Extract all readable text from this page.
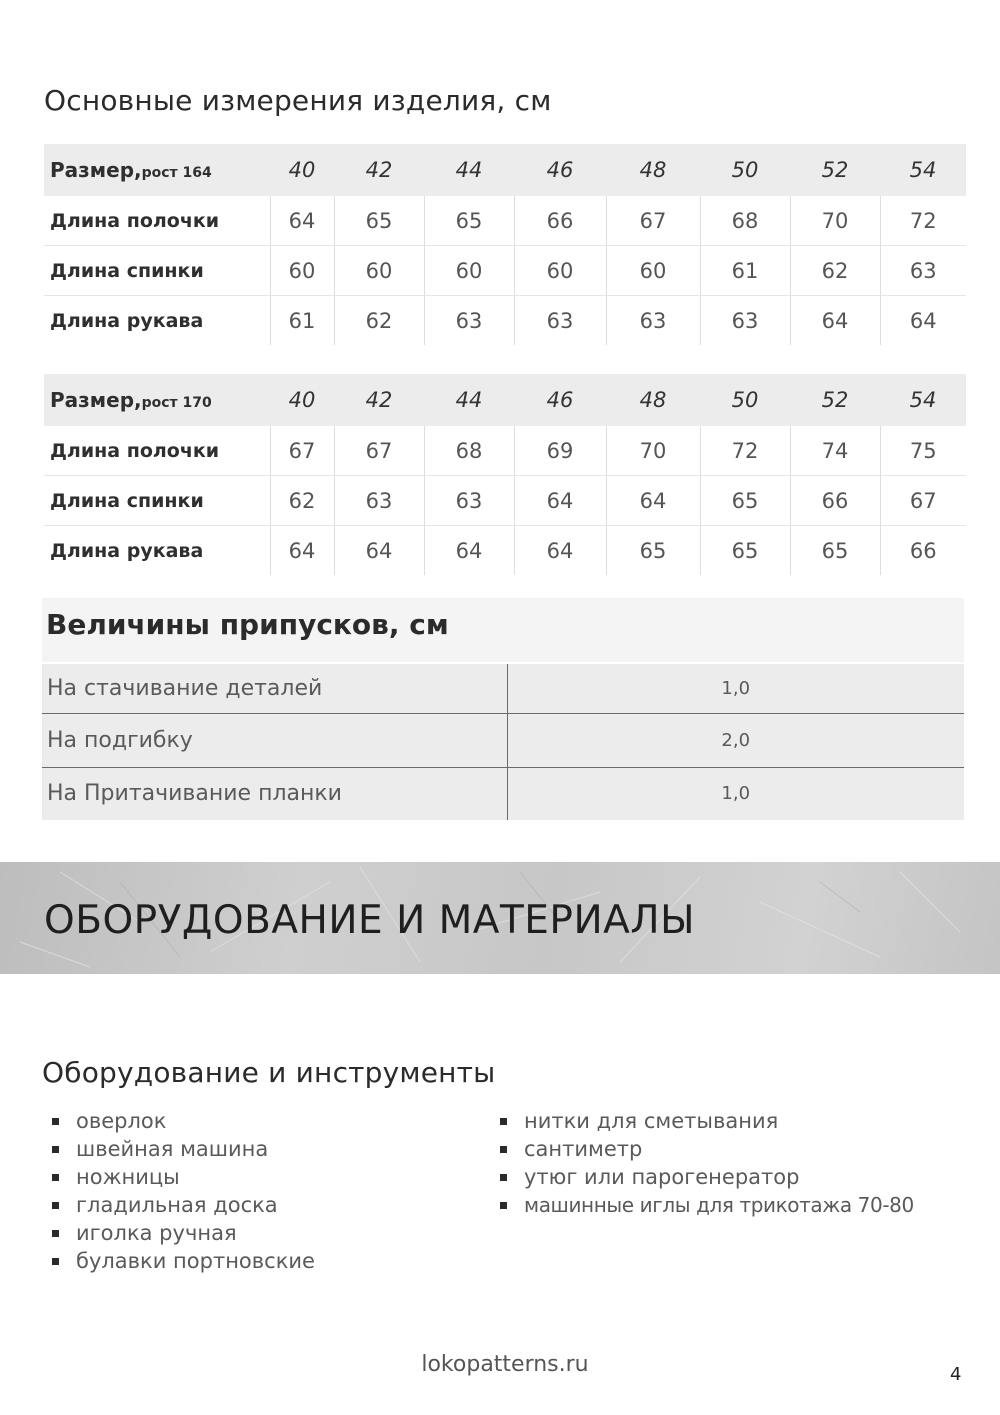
Основные измерения изделия, см
Размер,рост 164	40	42	44	46	48	50	52	54
Длина полочки	64	65	65	66	67	68	70	72
Длина спинки	60	60	60	60	60	61	62	63
Длина рукава	61	62	63	63	63	63	64	64
Размер,рост 170	40	42	44	46	48	50	52	54
Длина полочки	67	67	68	69	70	72	74	75
Длина спинки	62	63	63	64	64	65	66	67
Длина рукава	64	64	64	64	65	65	65	66
Величины припусков, см
На стачивание деталей	1,0
На подгибку	2,0
На Притачивание планки	1,0
ОБОРУДОВАНИЕ И МАТЕРИАЛЫ
Оборудование и инструменты
оверлок
швейная машина
ножницы
гладильная доска
иголка ручная
булавки портновские
нитки для сметывания
сантиметр
утюг или парогенератор
машинные иглы для трикотажа 70-80

lokopatterns.ru	4
